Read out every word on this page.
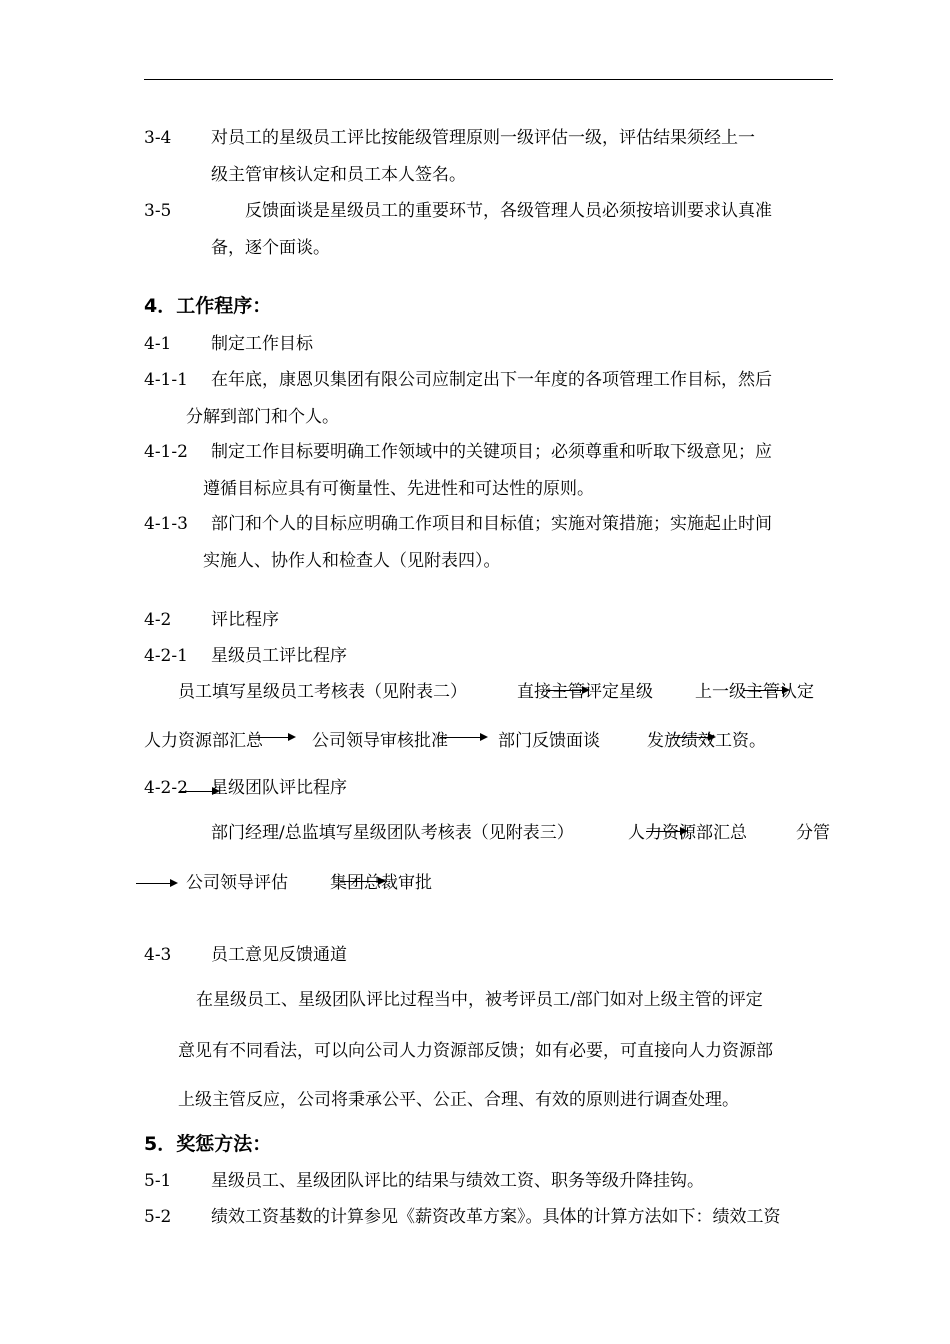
3-4 对员工的星级员工评比按能级管理原则一级评估一级，评估结果须经上一
级主管审核认定和员工本人签名。
3-5	反馈面谈是星级员工的重要环节，各级管理人员必须按培训要求认真准
备，逐个面谈。
4．工作程序：
4-1 制定工作目标
4-1-1 在年底，康恩贝集团有限公司应制定出下一年度的各项管理工作目标，然后
分解到部门和个人。
4-1-2 制定工作目标要明确工作领域中的关键项目；必须尊重和听取下级意见；应
遵循目标应具有可衡量性、先进性和可达性的原则。
4-1-3 部门和个人的目标应明确工作项目和目标值；实施对策措施；实施起止时间
实施人、协作人和检查人（见附表四）。
4-2 评比程序
4-2-1 星级员工评比程序
员工填写星级员工考核表（见附表二）	直接主管评定星级 上一级主管认定
人力资源部汇总	公司领导审核批准	部门反馈面谈	发放绩效工资。
4-2-2 星级团队评比程序
部门经理/总监填写星级团队考核表（见附表三）	人力资源部汇总	分管
公司领导评估 集团总裁审批
4-3 员工意见反馈通道
在星级员工、星级团队评比过程当中，被考评员工/部门如对上级主管的评定
意见有不同看法，可以向公司人力资源部反馈；如有必要，可直接向人力资源部
上级主管反应，公司将秉承公平、公正、合理、有效的原则进行调查处理。
5．奖惩方法：
5-1 星级员工、星级团队评比的结果与绩效工资、职务等级升降挂钩。
5-2 绩效工资基数的计算参见《薪资改革方案》。具体的计算方法如下：绩效工资
